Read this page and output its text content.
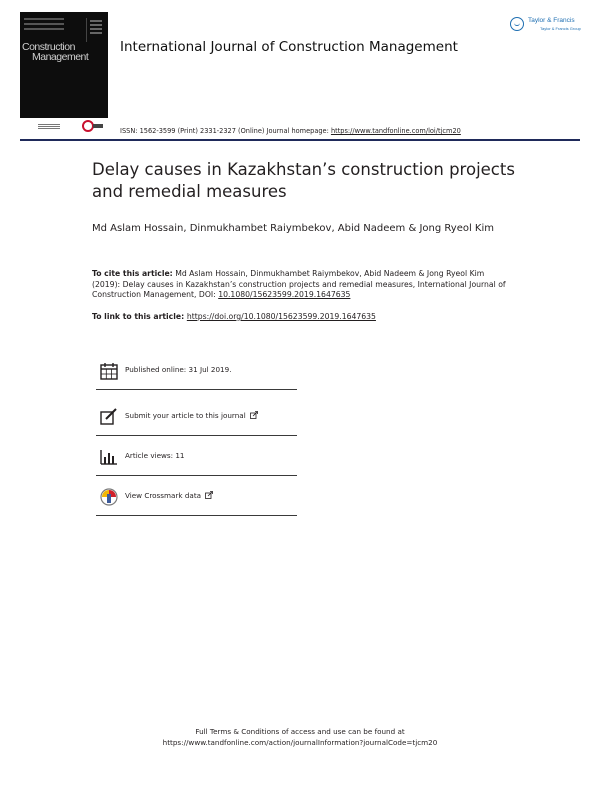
Construction
Management
International Journal of Construction Management
Taylor & Francis
Taylor & Francis Group
ISSN: 1562-3599 (Print) 2331-2327 (Online) Journal homepage: https://www.tandfonline.com/loi/tjcm20
Delay causes in Kazakhstan’s construction projects and remedial measures
Md Aslam Hossain, Dinmukhambet Raiymbekov, Abid Nadeem & Jong Ryeol Kim
To cite this article: Md Aslam Hossain, Dinmukhambet Raiymbekov, Abid Nadeem & Jong Ryeol Kim (2019): Delay causes in Kazakhstan’s construction projects and remedial measures, International Journal of Construction Management, DOI: 10.1080/15623599.2019.1647635
To link to this article: https://doi.org/10.1080/15623599.2019.1647635
Published online: 31 Jul 2019.
Submit your article to this journal
Article views: 11
View Crossmark data
Full Terms & Conditions of access and use can be found at
https://www.tandfonline.com/action/journalInformation?journalCode=tjcm20
